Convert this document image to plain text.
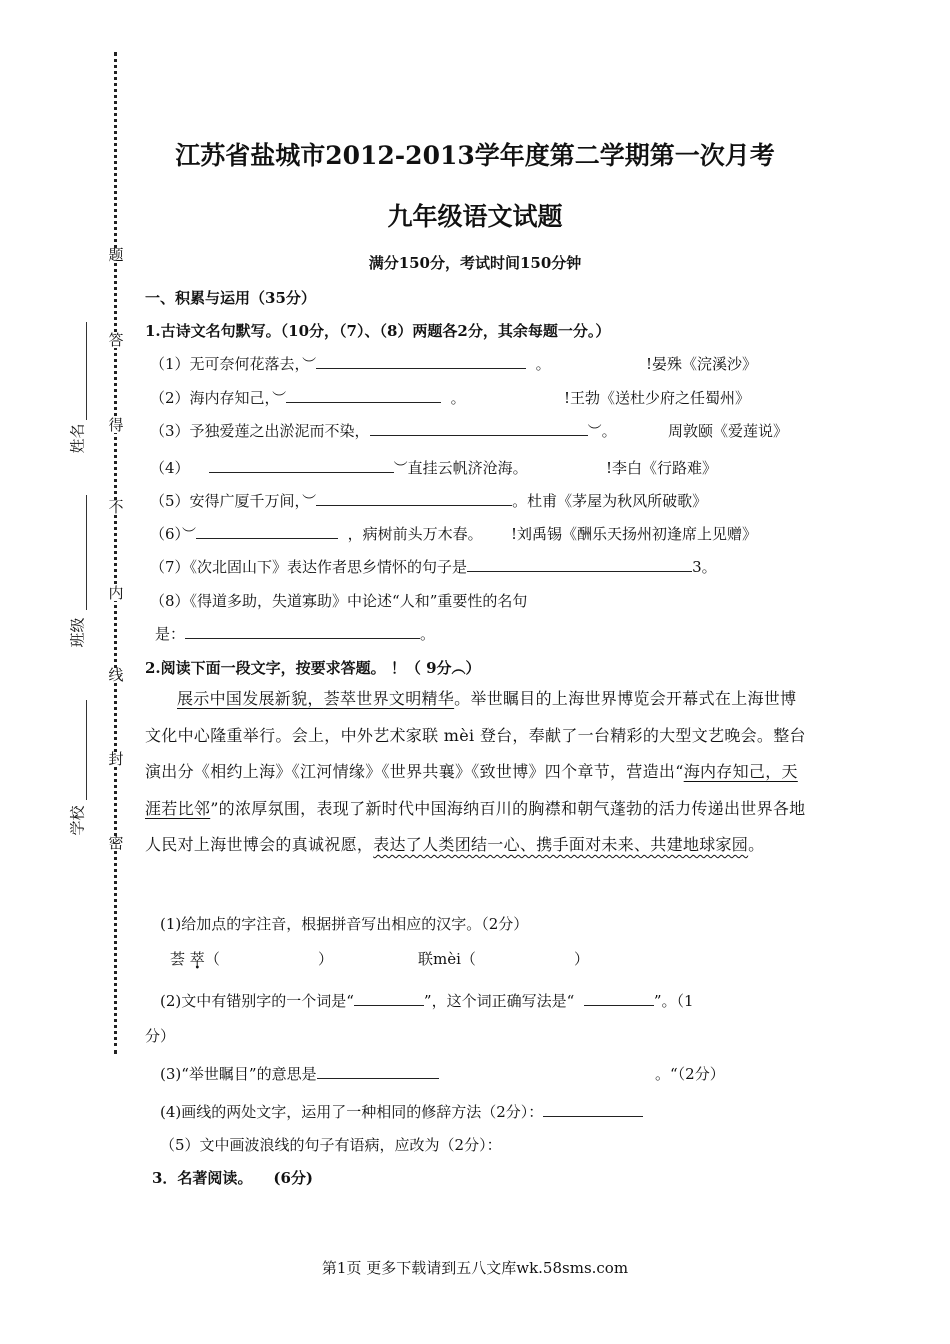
题
答
得
不
内
线
封
密
姓名
班级
学校
江苏省盐城市2012-2013学年度第二学期第一次月考
九年级语文试题
满分150分，考试时间150分钟
一、积累与运用（35分）
1.古诗文名句默写。（10分，（7）、（8）两题各2分，其余每题一分。）
（1）无可奈何花落去，︶	。	!晏殊《浣溪沙》
（2）海内存知己，︶	。	!王勃《送杜少府之任蜀州》
（3）予独爱莲之出淤泥而不染，	︶。	周敦颐《爱莲说》
（4）	︶直挂云帆济沧海。	!李白《行路难》
（5）安得广厦千万间，︶	。杜甫《茅屋为秋风所破歌》
（6）︶	，病树前头万木春。 !刘禹锡《酬乐天扬州初逢席上见赠》
（7）《次北固山下》表达作者思乡情怀的句子是	3。
（8）《得道多助，失道寡助》中论述“人和”重要性的名句
是：	。
2.阅读下面一段文字，按要求答题。 ！（ 9分︵）
展示中国发展新貌，荟萃世界文明精华。举世瞩目的上海世界博览会开幕式在上海世博文化中心隆重举行。会上，中外艺术家联 mèi 登台，奉献了一台精彩的大型文艺晚会。整台演出分《相约上海》《江河情缘》《世界共襄》《致世博》四个章节，营造出“海内存知己，天涯若比邻”的浓厚氛围，表现了新时代中国海纳百川的胸襟和朝气蓬勃的活力传递出世界各地人民对上海世博会的真诚祝愿，表达了人类团结一心、携手面对未来、共建地球家园。
(1)给加点的字注音，根据拼音写出相应的汉字。（2分）
荟 萃（	）	联mèi（	）
(2)文中有错别字的一个词是“	”，这个词正确写法是“	”。（1
分）
(3)“举世瞩目”的意思是	。“（2分）
(4)画线的两处文字，运用了一种相同的修辞方法（2分）：
（5）文中画波浪线的句子有语病，应改为（2分）：
3．名著阅读。 (6分)
第1页 更多下载请到五八文库wk.58sms.com
